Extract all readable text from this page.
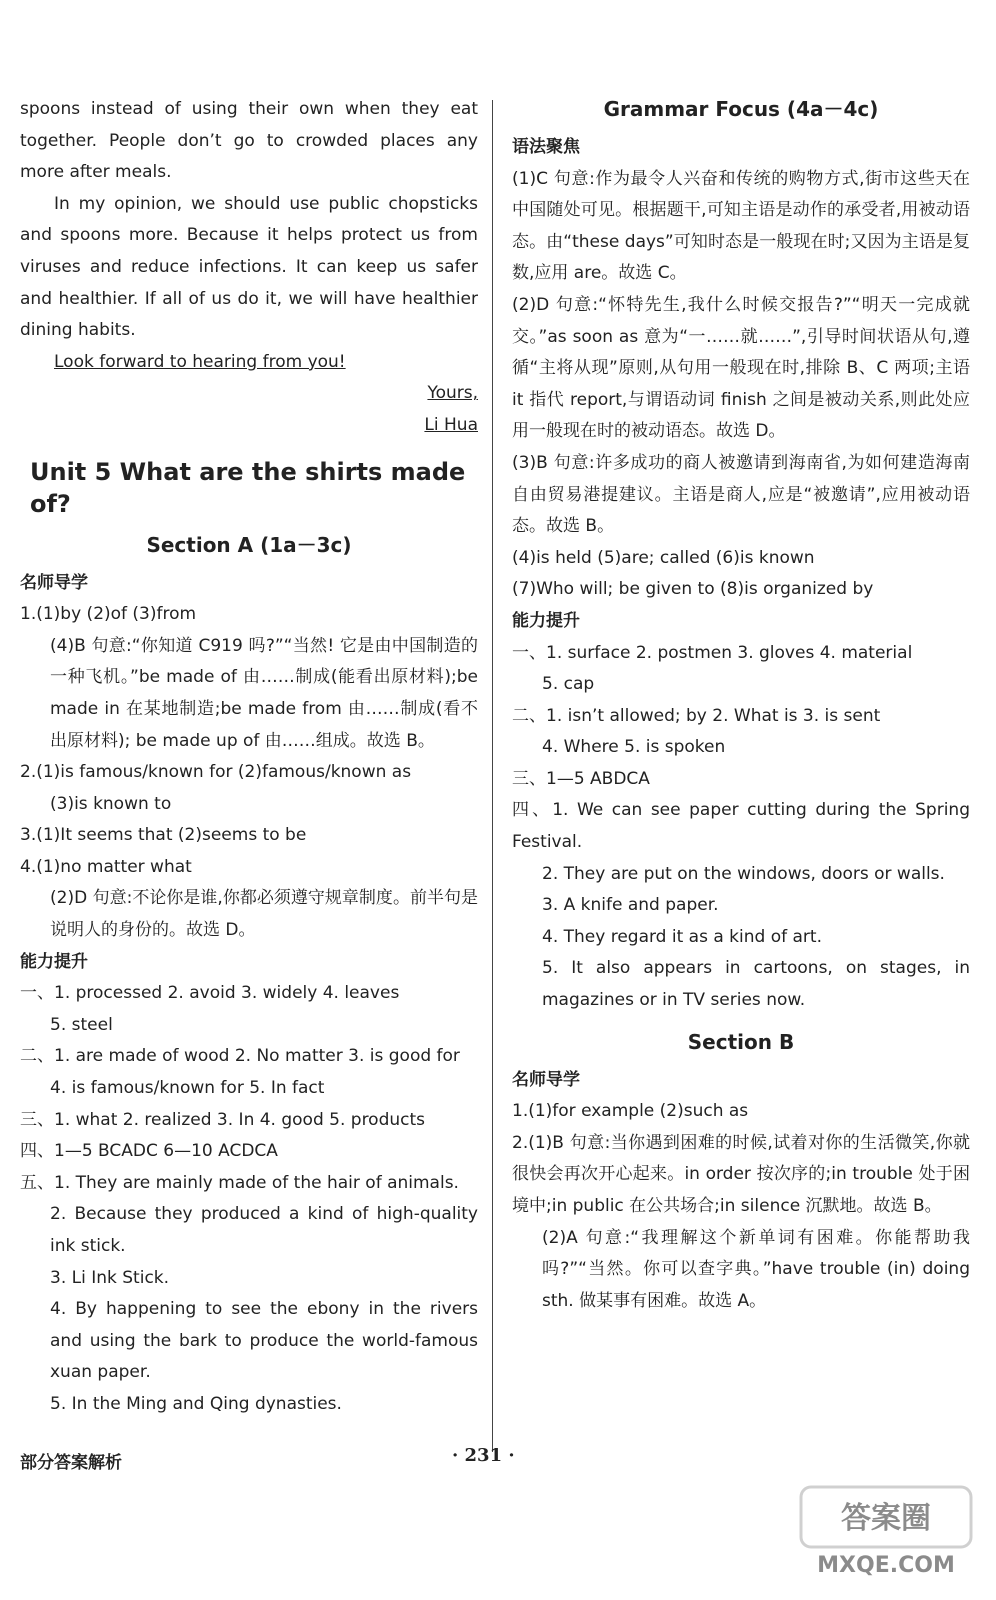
spoons instead of using their own when they eat together. People don’t go to crowded places any more after meals.
In my opinion, we should use public chopsticks and spoons more. Because it helps protect us from viruses and reduce infections. It can keep us safer and healthier. If all of us do it, we will have healthier dining habits.
Look forward to hearing from you!
Yours,
Li Hua
Unit 5 What are the shirts made of?
Section A (1a－3c)
名师导学
1.(1)by (2)of (3)from
(4)B 句意:“你知道 C919 吗?”“当然! 它是由中国制造的一种飞机。”be made of 由……制成(能看出原材料);be made in 在某地制造;be made from 由……制成(看不出原材料); be made up of 由……组成。故选 B。
2.(1)is famous/known for (2)famous/known as
(3)is known to
3.(1)It seems that (2)seems to be
4.(1)no matter what
(2)D 句意:不论你是谁,你都必须遵守规章制度。前半句是说明人的身份的。故选 D。
能力提升
一、1. processed 2. avoid 3. widely 4. leaves
5. steel
二、1. are made of wood 2. No matter 3. is good for
4. is famous/known for 5. In fact
三、1. what 2. realized 3. In 4. good 5. products
四、1—5 BCADC 6—10 ACDCA
五、1. They are mainly made of the hair of animals.
2. Because they produced a kind of high-quality ink stick.
3. Li Ink Stick.
4. By happening to see the ebony in the rivers and using the bark to produce the world-famous xuan paper.
5. In the Ming and Qing dynasties.
Grammar Focus (4a－4c)
语法聚焦
(1)C 句意:作为最令人兴奋和传统的购物方式,街市这些天在中国随处可见。根据题干,可知主语是动作的承受者,用被动语态。由“these days”可知时态是一般现在时;又因为主语是复数,应用 are。故选 C。
(2)D 句意:“怀特先生,我什么时候交报告?”“明天一完成就交。”as soon as 意为“一……就……”,引导时间状语从句,遵循“主将从现”原则,从句用一般现在时,排除 B、C 两项;主语 it 指代 report,与谓语动词 finish 之间是被动关系,则此处应用一般现在时的被动语态。故选 D。
(3)B 句意:许多成功的商人被邀请到海南省,为如何建造海南自由贸易港提建议。主语是商人,应是“被邀请”,应用被动语态。故选 B。
(4)is held (5)are; called (6)is known
(7)Who will; be given to (8)is organized by
能力提升
一、1. surface 2. postmen 3. gloves 4. material
5. cap
二、1. isn’t allowed; by 2. What is 3. is sent
4. Where 5. is spoken
三、1—5 ABDCA
四、1. We can see paper cutting during the Spring Festival.
2. They are put on the windows, doors or walls.
3. A knife and paper.
4. They regard it as a kind of art.
5. It also appears in cartoons, on stages, in magazines or in TV series now.
Section B
名师导学
1.(1)for example (2)such as
2.(1)B 句意:当你遇到困难的时候,试着对你的生活微笑,你就很快会再次开心起来。in order 按次序的;in trouble 处于困境中;in public 在公共场合;in silence 沉默地。故选 B。
(2)A 句意:“我理解这个新单词有困难。你能帮助我吗?”“当然。你可以查字典。”have trouble (in) doing sth. 做某事有困难。故选 A。
部分答案解析	· 231 ·
答案圈
MXQE.COM
